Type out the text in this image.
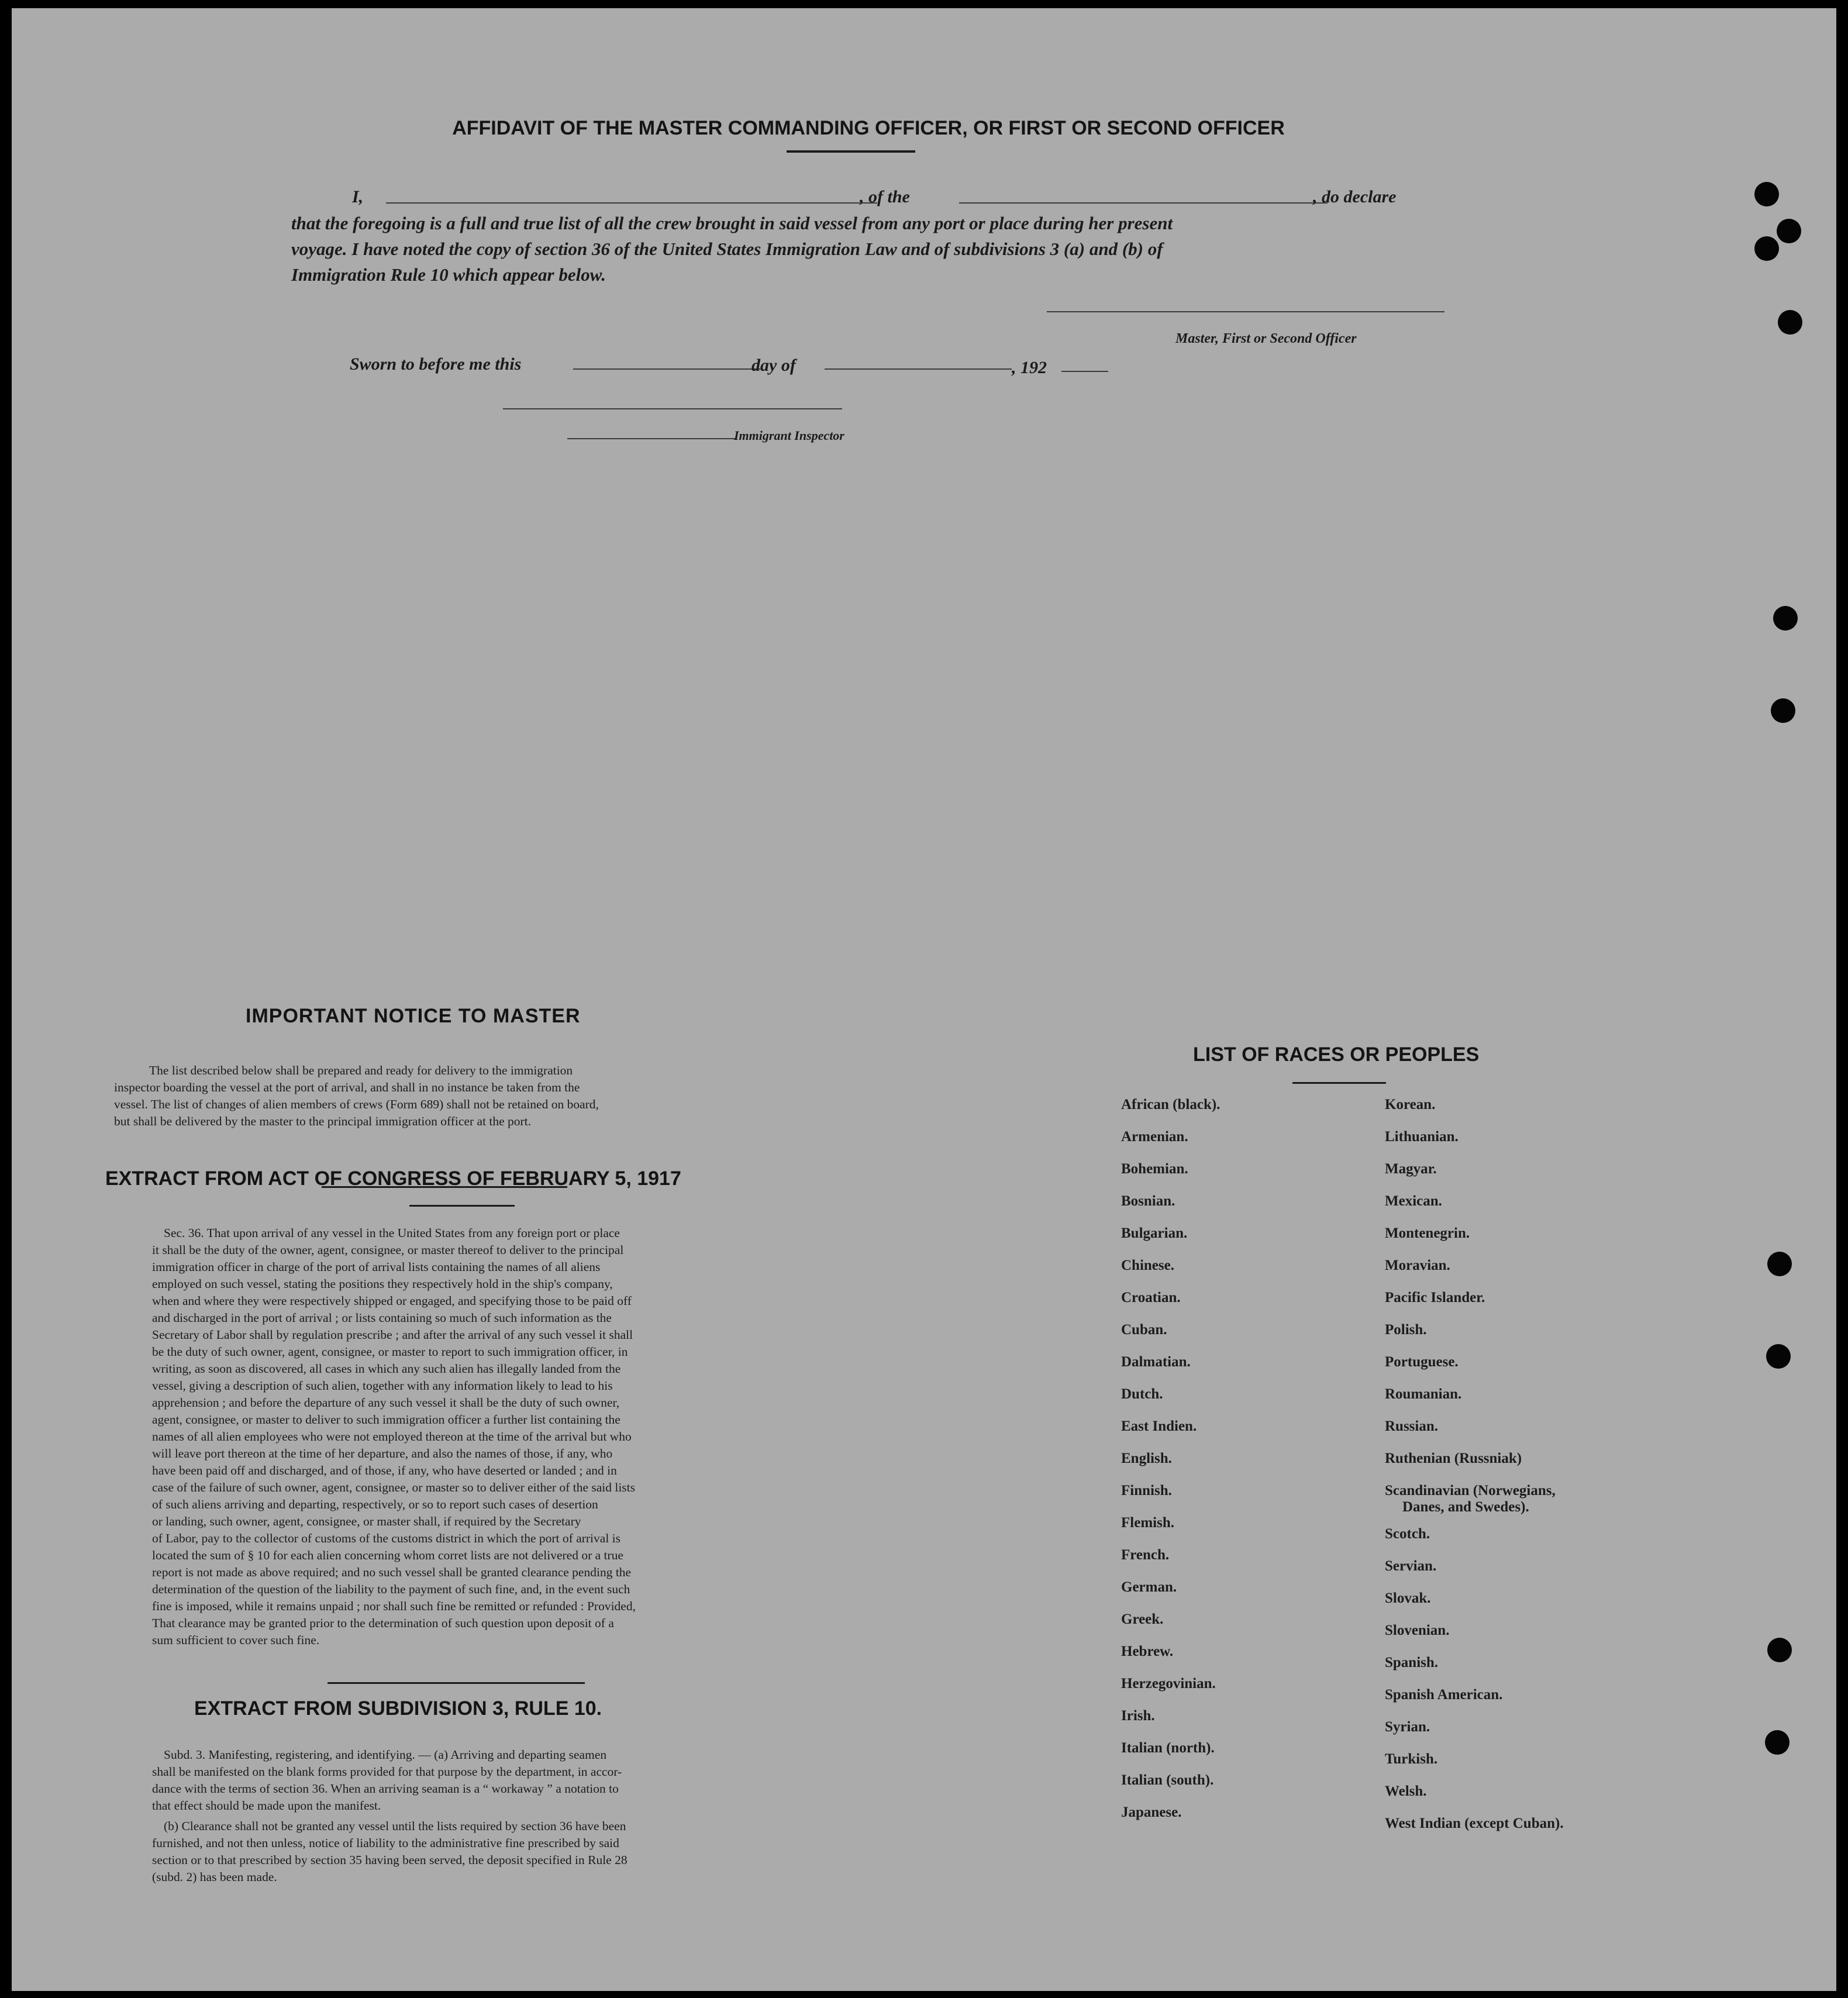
AFFIDAVIT OF THE MASTER COMMANDING OFFICER, OR FIRST OR SECOND OFFICER
I,	, of the	, do declare
that the foregoing is a full and true list of all the crew brought in said vessel from any port or place during her present
voyage. I have noted the copy of section 36 of the United States Immigration Law and of subdivisions 3 (a) and (b) of
Immigration Rule 10 which appear below.
Master, First or Second Officer
Sworn to before me this	day of	, 192
Immigrant Inspector
IMPORTANT NOTICE TO MASTER
The list described below shall be prepared and ready for delivery to the immigration
inspector boarding the vessel at the port of arrival, and shall in no instance be taken from the
vessel. The list of changes of alien members of crews (Form 689) shall not be retained on board,
but shall be delivered by the master to the principal immigration officer at the port.
EXTRACT FROM ACT OF CONGRESS OF FEBRUARY 5, 1917
Sec. 36. That upon arrival of any vessel in the United States from any foreign port or place
it shall be the duty of the owner, agent, consignee, or master thereof to deliver to the principal
immigration officer in charge of the port of arrival lists containing the names of all aliens
employed on such vessel, stating the positions they respectively hold in the ship's company,
when and where they were respectively shipped or engaged, and specifying those to be paid off
and discharged in the port of arrival ; or lists containing so much of such information as the
Secretary of Labor shall by regulation prescribe ; and after the arrival of any such vessel it shall
be the duty of such owner, agent, consignee, or master to report to such immigration officer, in
writing, as soon as discovered, all cases in which any such alien has illegally landed from the
vessel, giving a description of such alien, together with any information likely to lead to his
apprehension ; and before the departure of any such vessel it shall be the duty of such owner,
agent, consignee, or master to deliver to such immigration officer a further list containing the
names of all alien employees who were not employed thereon at the time of the arrival but who
will leave port thereon at the time of her departure, and also the names of those, if any, who
have been paid off and discharged, and of those, if any, who have deserted or landed ; and in
case of the failure of such owner, agent, consignee, or master so to deliver either of the said lists
of such aliens arriving and departing, respectively, or so to report such cases of desertion
or landing, such owner, agent, consignee, or master shall, if required by the Secretary
of Labor, pay to the collector of customs of the customs district in which the port of arrival is
located the sum of § 10 for each alien concerning whom corret lists are not delivered or a true
report is not made as above required; and no such vessel shall be granted clearance pending the
determination of the question of the liability to the payment of such fine, and, in the event such
fine is imposed, while it remains unpaid ; nor shall such fine be remitted or refunded : Provided,
That clearance may be granted prior to the determination of such question upon deposit of a
sum sufficient to cover such fine.
EXTRACT FROM SUBDIVISION 3, RULE 10.
Subd. 3. Manifesting, registering, and identifying. — (a) Arriving and departing seamen
shall be manifested on the blank forms provided for that purpose by the department, in accor-
dance with the terms of section 36. When an arriving seaman is a “ workaway ” a notation to
that effect should be made upon the manifest.
(b) Clearance shall not be granted any vessel until the lists required by section 36 have been
furnished, and not then unless, notice of liability to the administrative fine prescribed by said
section or to that prescribed by section 35 having been served, the deposit specified in Rule 28
(subd. 2) has been made.
LIST OF RACES OR PEOPLES
African (black).
Armenian.
Bohemian.
Bosnian.
Bulgarian.
Chinese.
Croatian.
Cuban.
Dalmatian.
Dutch.
East Indien.
English.
Finnish.
Flemish.
French.
German.
Greek.
Hebrew.
Herzegovinian.
Irish.
Italian (north).
Italian (south).
Japanese.
Korean.
Lithuanian.
Magyar.
Mexican.
Montenegrin.
Moravian.
Pacific Islander.
Polish.
Portuguese.
Roumanian.
Russian.
Ruthenian (Russniak)
Scandinavian (Norwegians,
Danes, and Swedes).
Scotch.
Servian.
Slovak.
Slovenian.
Spanish.
Spanish American.
Syrian.
Turkish.
Welsh.
West Indian (except Cuban).
